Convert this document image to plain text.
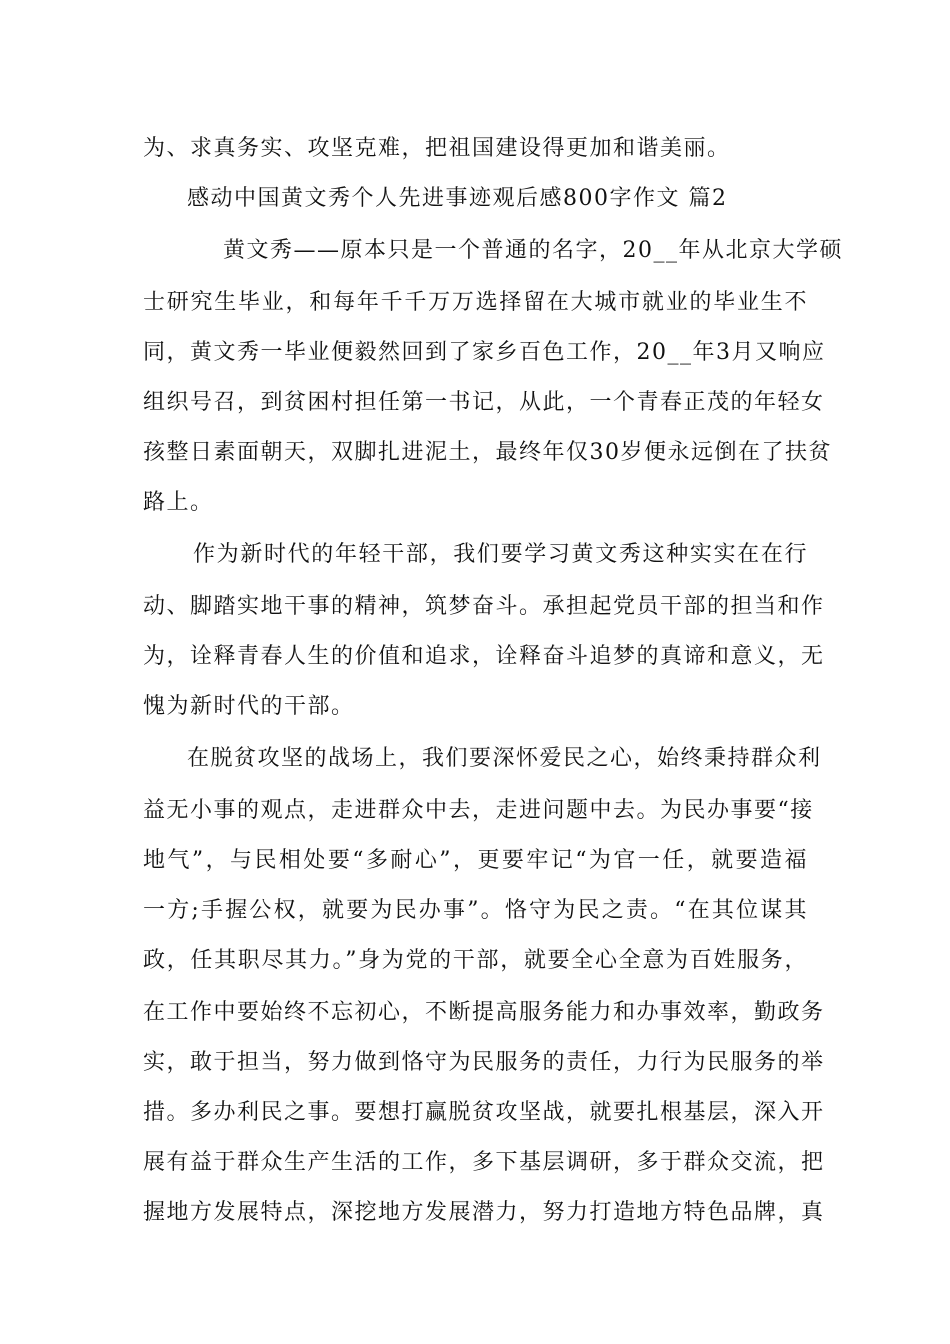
为、求真务实、攻坚克难，把祖国建设得更加和谐美丽。
感动中国黄文秀个人先进事迹观后感800字作文 篇2
黄文秀——原本只是一个普通的名字，20__年从北京大学硕
士研究生毕业，和每年千千万万选择留在大城市就业的毕业生不
同，黄文秀一毕业便毅然回到了家乡百色工作，20__年3月又响应
组织号召，到贫困村担任第一书记，从此，一个青春正茂的年轻女
孩整日素面朝天，双脚扎进泥土，最终年仅30岁便永远倒在了扶贫
路上。
作为新时代的年轻干部，我们要学习黄文秀这种实实在在行
动、脚踏实地干事的精神，筑梦奋斗。承担起党员干部的担当和作
为，诠释青春人生的价值和追求，诠释奋斗追梦的真谛和意义，无
愧为新时代的干部。
在脱贫攻坚的战场上，我们要深怀爱民之心，始终秉持群众利
益无小事的观点，走进群众中去，走进问题中去。为民办事要“接
地气”，与民相处要“多耐心”，更要牢记“为官一任，就要造福
一方;手握公权，就要为民办事”。恪守为民之责。“在其位谋其
政，任其职尽其力。”身为党的干部，就要全心全意为百姓服务，
在工作中要始终不忘初心，不断提高服务能力和办事效率，勤政务
实，敢于担当，努力做到恪守为民服务的责任，力行为民服务的举
措。多办利民之事。要想打赢脱贫攻坚战，就要扎根基层，深入开
展有益于群众生产生活的工作，多下基层调研，多于群众交流，把
握地方发展特点，深挖地方发展潜力，努力打造地方特色品牌，真
